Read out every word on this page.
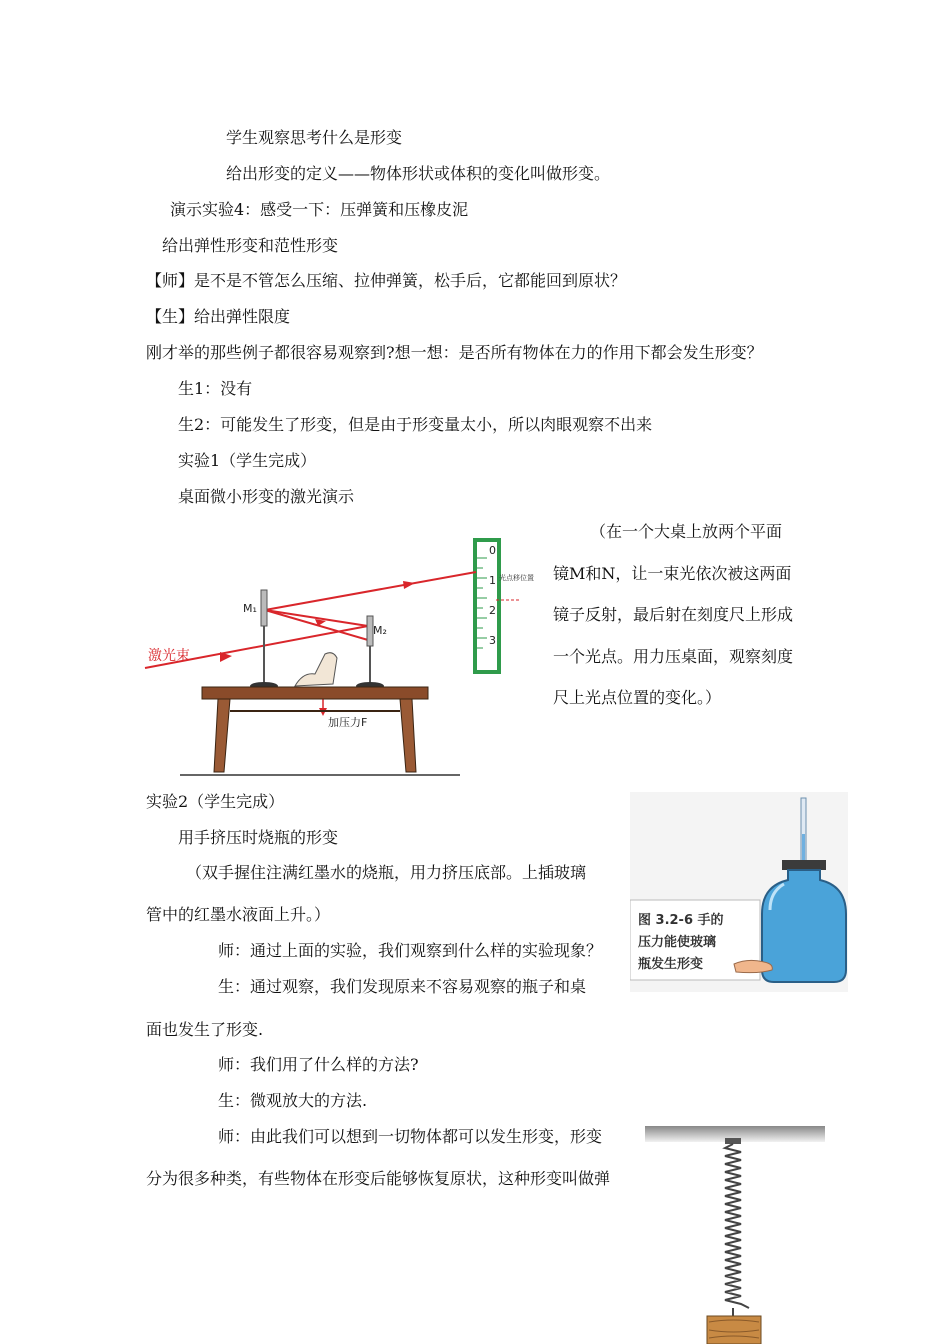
学生观察思考什么是形变
给出形变的定义——物体形状或体积的变化叫做形变。
演示实验4：感受一下：压弹簧和压橡皮泥
给出弹性形变和范性形变
【师】是不是不管怎么压缩、拉伸弹簧，松手后，它都能回到原状？
【生】给出弹性限度
刚才举的那些例子都很容易观察到?想一想：是否所有物体在力的作用下都会发生形变？
生1：没有
生2：可能发生了形变，但是由于形变量太小，所以肉眼观察不出来
实验1（学生完成）
桌面微小形变的激光演示
（在一个大桌上放两个平面
镜M和N，让一束光依次被这两面
镜子反射，最后射在刻度尺上形成
一个光点。用力压桌面，观察刻度
尺上光点位置的变化。）
0
1
2
3
光点移位置
激光束
M₁
M₂
加压力F
实验2（学生完成）
用手挤压时烧瓶的形变
（双手握住注满红墨水的烧瓶，用力挤压底部。上插玻璃
管中的红墨水液面上升。）
师：通过上面的实验，我们观察到什么样的实验现象？
生：通过观察，我们发现原来不容易观察的瓶子和桌
面也发生了形变.
师：我们用了什么样的方法?
生：微观放大的方法.
师：由此我们可以想到一切物体都可以发生形变，形变
分为很多种类，有些物体在形变后能够恢复原状，这种形变叫做弹
图 3.2-6 手的
压力能使玻璃
瓶发生形变
